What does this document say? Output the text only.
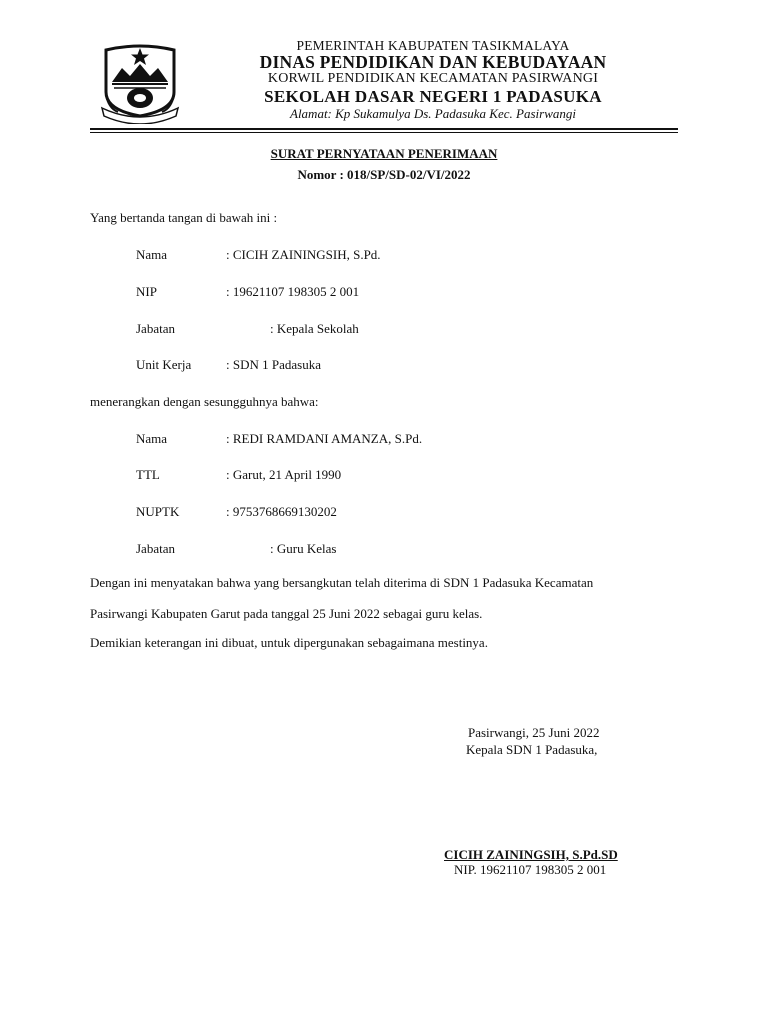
PEMERINTAH KABUPATEN TASIKMALAYA
DINAS PENDIDIKAN DAN KEBUDAYAAN
KORWIL PENDIDIKAN KECAMATAN PASIRWANGI
SEKOLAH DASAR NEGERI 1 PADASUKA
Alamat: Kp Sukamulya Ds. Padasuka Kec. Pasirwangi
SURAT PERNYATAAN PENERIMAAN
Nomor : 018/SP/SD-02/VI/2022
Yang bertanda tangan di bawah ini :
Nama	: CICIH ZAININGSIH, S.Pd.
NIP	: 19621107 198305 2 001
Jabatan	: Kepala Sekolah
Unit Kerja	: SDN 1 Padasuka
menerangkan dengan sesungguhnya bahwa:
Nama	: REDI RAMDANI AMANZA, S.Pd.
TTL	: Garut, 21 April 1990
NUPTK	: 9753768669130202
Jabatan	: Guru Kelas
Dengan ini menyatakan bahwa yang bersangkutan telah diterima di SDN 1 Padasuka Kecamatan
Pasirwangi Kabupaten Garut pada tanggal 25 Juni 2022 sebagai guru kelas.
Demikian keterangan ini dibuat, untuk dipergunakan sebagaimana mestinya.
Pasirwangi, 25 Juni 2022
Kepala SDN 1 Padasuka,
CICIH ZAININGSIH, S.Pd.SD
NIP. 19621107 198305 2 001
